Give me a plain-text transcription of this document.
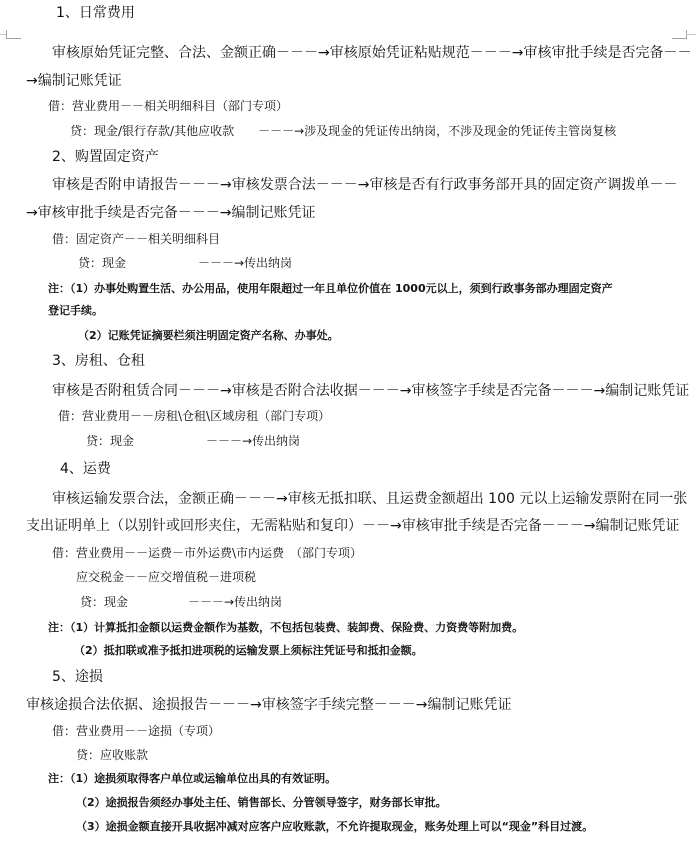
1、日常费用
审核原始凭证完整、合法、金额正确－－－→审核原始凭证粘贴规范－－－→审核审批手续是否完备－－
→编制记账凭证
借：营业费用－－相关明细科目（部门专项）
贷：现金/银行存款/其他应收款　　－－－→涉及现金的凭证传出纳岗，不涉及现金的凭证传主管岗复核
2、购置固定资产
审核是否附申请报告－－－→审核发票合法－－－→审核是否有行政事务部开具的固定资产调拨单－－
→审核审批手续是否完备－－－→编制记账凭证
借：固定资产－－相关明细科目
贷：现金　　　　　　－－－→传出纳岗
注：（1）办事处购置生活、办公用品，使用年限超过一年且单位价值在 1000元以上，须到行政事务部办理固定资产
登记手续。
（2）记账凭证摘要栏须注明固定资产名称、办事处。
3、房租、仓租
审核是否附租赁合同－－－→审核是否附合法收据－－－→审核签字手续是否完备－－－→编制记账凭证
借：营业费用－－房租\仓租\区域房租（部门专项）
贷：现金　　　　　　－－－→传出纳岗
4、运费
审核运输发票合法，金额正确－－－→审核无抵扣联、且运费金额超出 100 元以上运输发票附在同一张
支出证明单上（以别针或回形夹住，无需粘贴和复印）－－→审核审批手续是否完备－－－→编制记账凭证
借：营业费用－－运费－市外运费\市内运费　（部门专项）
应交税金－－应交增值税－进项税
贷：现金　　　　　－－－→传出纳岗
注：（1）计算抵扣金额以运费金额作为基数，不包括包装费、装卸费、保险费、力资费等附加费。
（2）抵扣联或准予抵扣进项税的运输发票上须标注凭证号和抵扣金额。
5、途损
审核途损合法依据、途损报告－－－→审核签字手续完整－－－→编制记账凭证
借：营业费用－－途损（专项）
贷：应收账款
注：（1）途损须取得客户单位或运输单位出具的有效证明。
（2）途损报告须经办事处主任、销售部长、分管领导签字，财务部长审批。
（3）途损金额直接开具收据冲减对应客户应收账款，不允许提取现金，账务处理上可以“现金”科目过渡。
